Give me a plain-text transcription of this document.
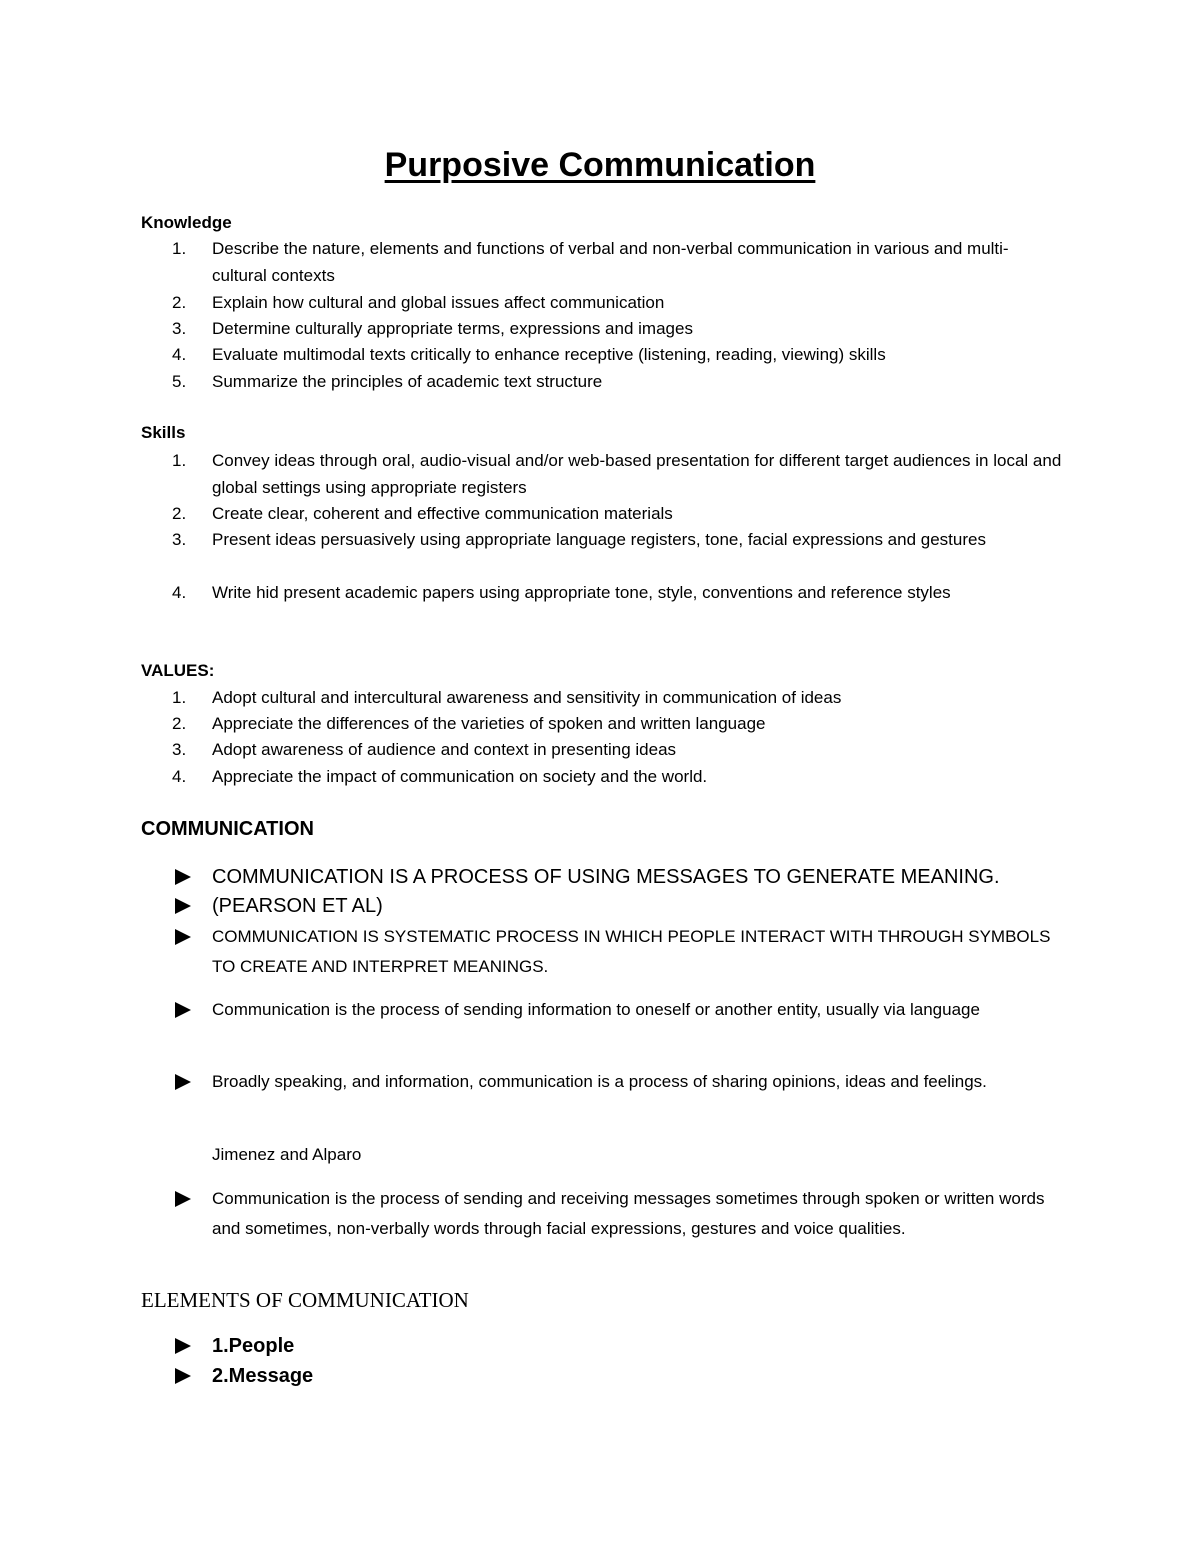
Purposive Communication
Knowledge
1. Describe the nature, elements and functions of verbal and non-verbal communication in various and multi- cultural contexts
2. Explain how cultural and global issues affect communication
3. Determine culturally appropriate terms, expressions and images
4. Evaluate multimodal texts critically to enhance receptive (listening, reading, viewing) skills
5. Summarize the principles of academic text structure
Skills
1. Convey ideas through oral, audio-visual and/or web-based presentation for different target audiences in local and global settings using appropriate registers
2. Create clear, coherent and effective communication materials
3. Present ideas persuasively using appropriate language registers, tone, facial expressions and gestures
4. Write hid present academic papers using appropriate tone, style, conventions and reference styles
VALUES:
1. Adopt cultural and intercultural awareness and sensitivity in communication of ideas
2. Appreciate the differences of the varieties of spoken and written language
3. Adopt awareness of audience and context in presenting ideas
4. Appreciate the impact of communication on society and the world.
COMMUNICATION
COMMUNICATION IS A PROCESS OF USING MESSAGES TO GENERATE MEANING.
(PEARSON ET AL)
COMMUNICATION IS SYSTEMATIC PROCESS IN WHICH PEOPLE INTERACT WITH THROUGH SYMBOLS TO CREATE AND INTERPRET MEANINGS.
Communication is the process of sending information to oneself or another entity, usually via language
Broadly speaking, and information, communication is a process of sharing opinions, ideas and feelings.
Jimenez and Alparo
Communication is the process of sending and receiving messages sometimes through spoken or written words and sometimes, non-verbally words through facial expressions, gestures and voice qualities.
ELEMENTS OF COMMUNICATION
1.People
2.Message
